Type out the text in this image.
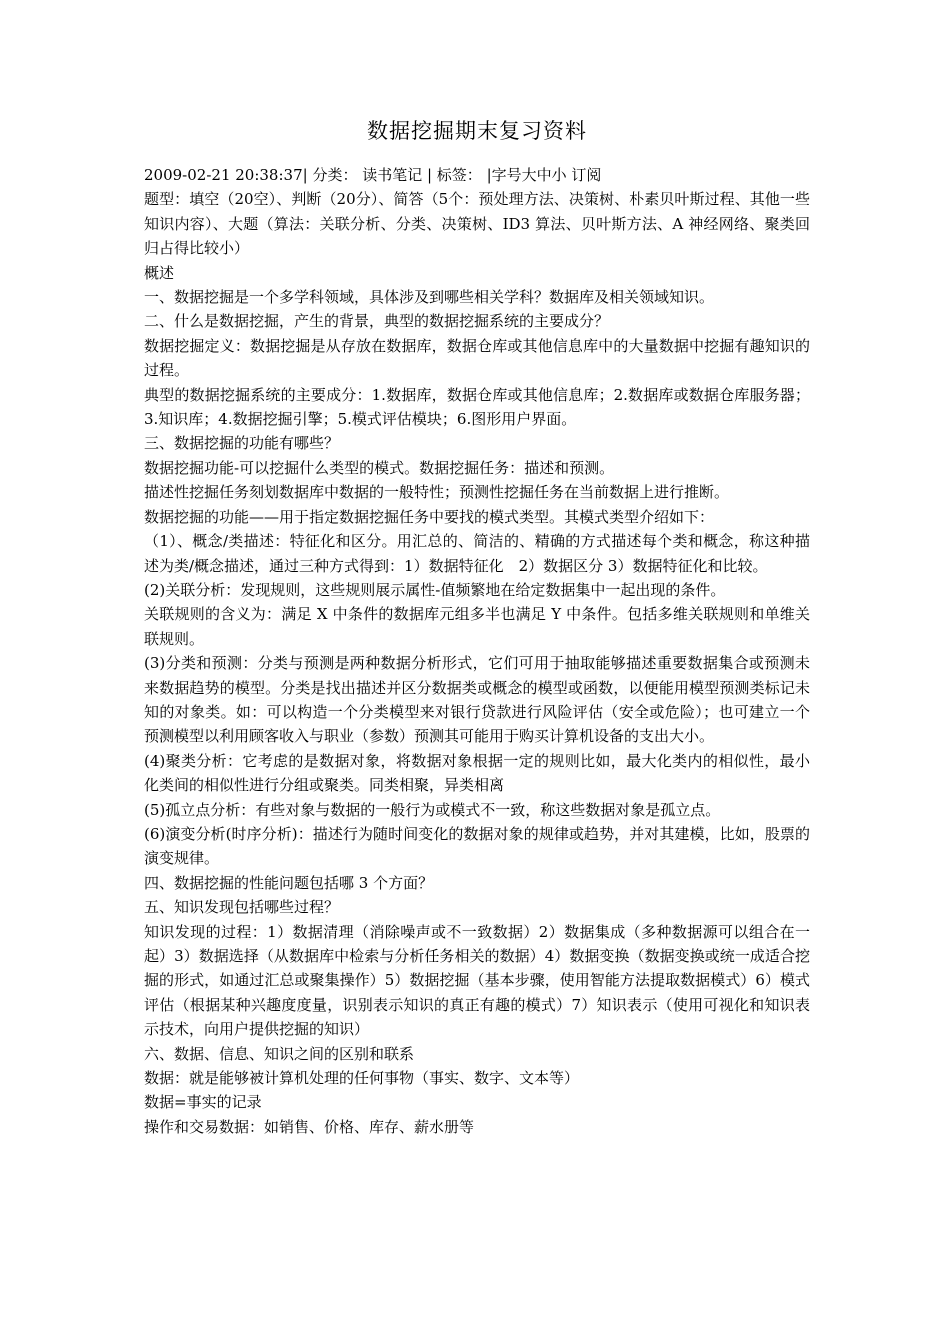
数据挖掘期末复习资料

2009-02-21 20:38:37| 分类： 读书笔记 | 标签： |字号大中小 订阅

题型：填空（20空）、判断（20分）、简答（5个：预处理方法、决策树、朴素贝叶斯过程、其他一些知识内容）、大题（算法：关联分析、分类、决策树、ID3 算法、贝叶斯方法、A 神经网络、聚类回归占得比较小）

概述

一、数据挖掘是一个多学科领域，具体涉及到哪些相关学科？数据库及相关领域知识。

二、什么是数据挖掘，产生的背景，典型的数据挖掘系统的主要成分？

数据挖掘定义：数据挖掘是从存放在数据库，数据仓库或其他信息库中的大量数据中挖掘有趣知识的过程。

典型的数据挖掘系统的主要成分：1.数据库，数据仓库或其他信息库；2.数据库或数据仓库服务器；3.知识库；4.数据挖掘引擎；5.模式评估模块；6.图形用户界面。

三、数据挖掘的功能有哪些？

数据挖掘功能-可以挖掘什么类型的模式。数据挖掘任务：描述和预测。

描述性挖掘任务刻划数据库中数据的一般特性；预测性挖掘任务在当前数据上进行推断。

数据挖掘的功能——用于指定数据挖掘任务中要找的模式类型。其模式类型介绍如下：

（1）、概念/类描述：特征化和区分。用汇总的、简洁的、精确的方式描述每个类和概念，称这种描述为类/概念描述，通过三种方式得到：1）数据特征化　2）数据区分 3）数据特征化和比较。

(2)关联分析：发现规则，这些规则展示属性-值频繁地在给定数据集中一起出现的条件。

关联规则的含义为：满足 X 中条件的数据库元组多半也满足 Y 中条件。包括多维关联规则和单维关联规则。

(3)分类和预测：分类与预测是两种数据分析形式，它们可用于抽取能够描述重要数据集合或预测未来数据趋势的模型。分类是找出描述并区分数据类或概念的模型或函数，以便能用模型预测类标记未知的对象类。如：可以构造一个分类模型来对银行贷款进行风险评估（安全或危险）；也可建立一个预测模型以利用顾客收入与职业（参数）预测其可能用于购买计算机设备的支出大小。

(4)聚类分析：它考虑的是数据对象，将数据对象根据一定的规则比如，最大化类内的相似性，最小化类间的相似性进行分组或聚类。同类相聚，异类相离

(5)孤立点分析：有些对象与数据的一般行为或模式不一致，称这些数据对象是孤立点。

(6)演变分析(时序分析)：描述行为随时间变化的数据对象的规律或趋势，并对其建模，比如，股票的演变规律。

四、数据挖掘的性能问题包括哪 3 个方面？

五、知识发现包括哪些过程？

知识发现的过程：1）数据清理（消除噪声或不一致数据）2）数据集成（多种数据源可以组合在一起）3）数据选择（从数据库中检索与分析任务相关的数据）4）数据变换（数据变换或统一成适合挖掘的形式，如通过汇总或聚集操作）5）数据挖掘（基本步骤，使用智能方法提取数据模式）6）模式评估（根据某种兴趣度度量，识别表示知识的真正有趣的模式）7）知识表示（使用可视化和知识表示技术，向用户提供挖掘的知识）

六、数据、信息、知识之间的区别和联系

数据：就是能够被计算机处理的任何事物（事实、数字、文本等）

数据=事实的记录

操作和交易数据：如销售、价格、库存、薪水册等
